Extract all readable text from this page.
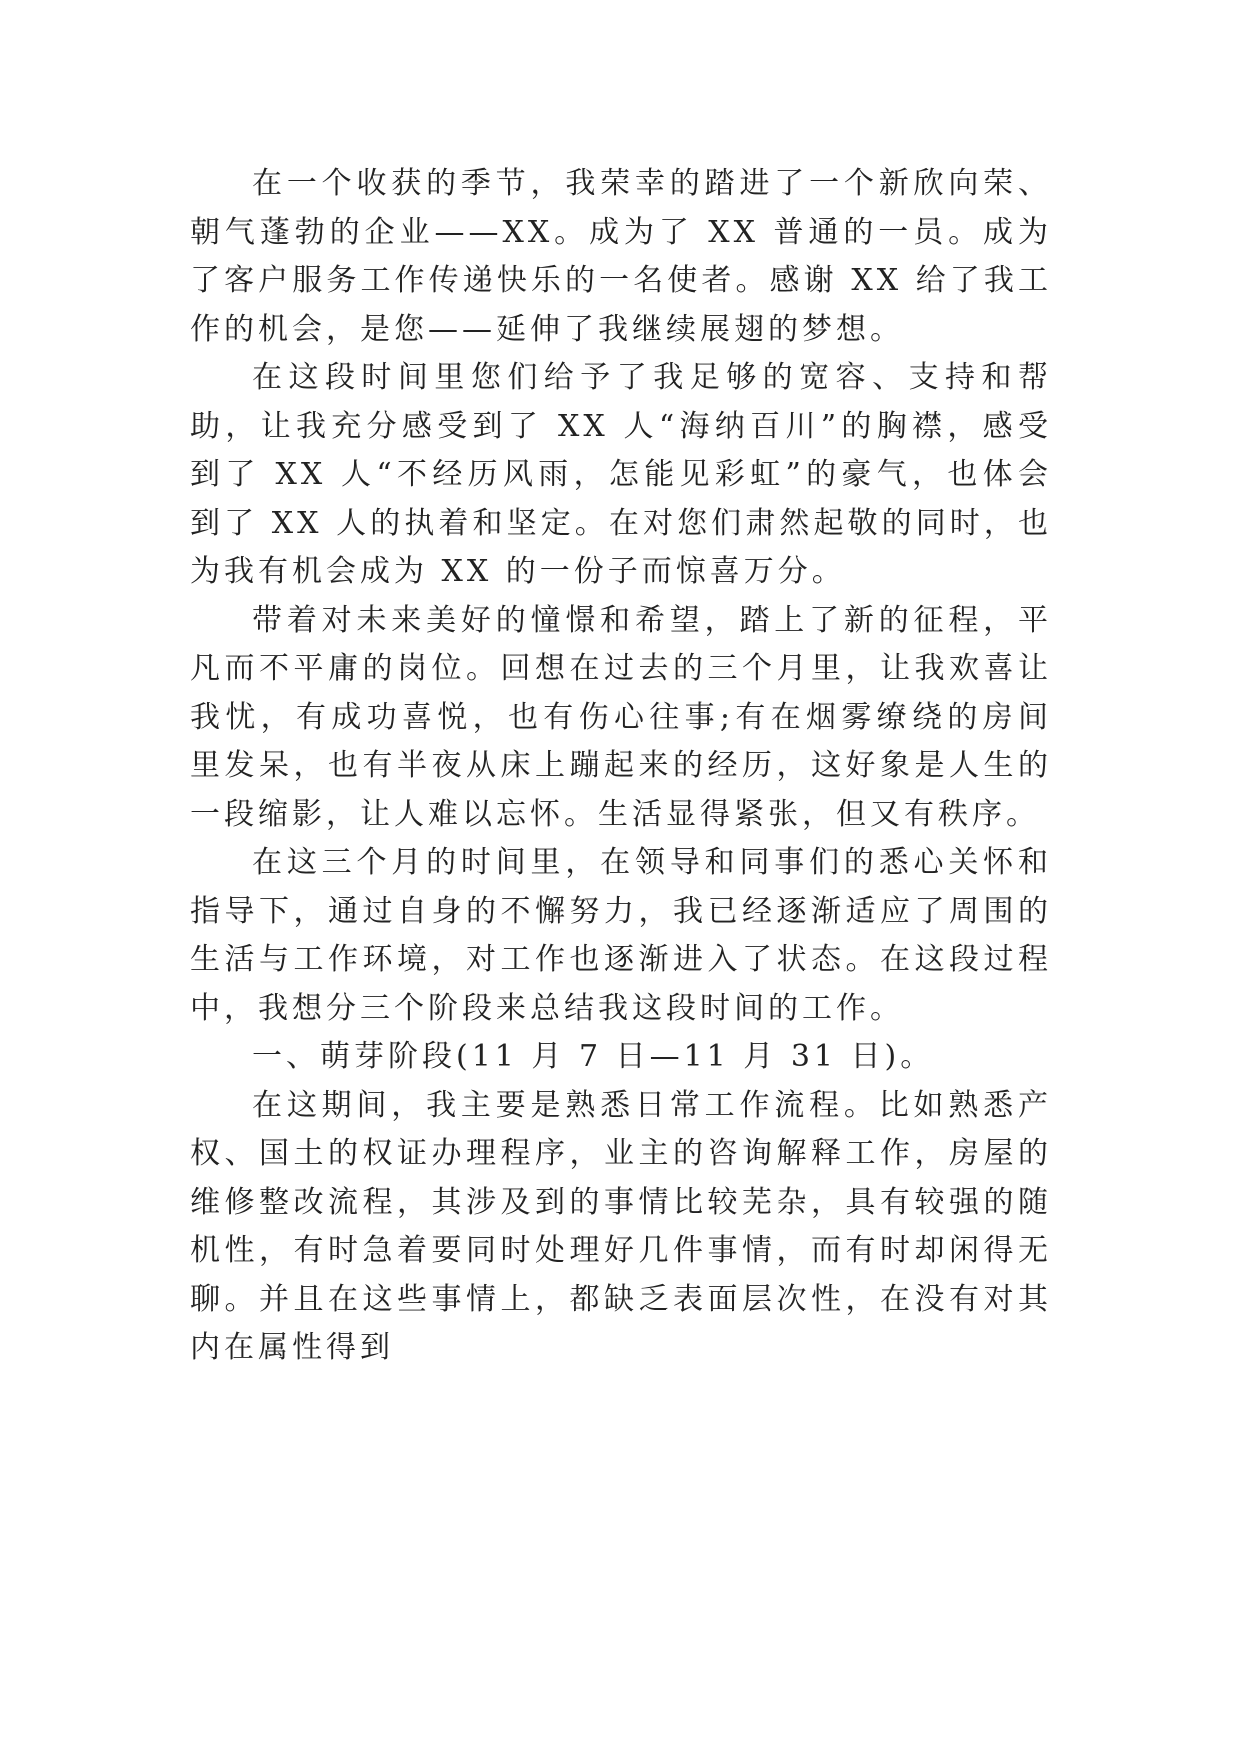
在一个收获的季节，我荣幸的踏进了一个新欣向荣、朝气蓬勃的企业——XX。成为了 XX 普通的一员。成为了客户服务工作传递快乐的一名使者。感谢 XX 给了我工作的机会，是您——延伸了我继续展翅的梦想。

在这段时间里您们给予了我足够的宽容、支持和帮助，让我充分感受到了 XX 人“海纳百川”的胸襟，感受到了 XX 人“不经历风雨，怎能见彩虹”的豪气，也体会到了 XX 人的执着和坚定。在对您们肃然起敬的同时，也为我有机会成为 XX 的一份子而惊喜万分。

带着对未来美好的憧憬和希望，踏上了新的征程，平凡而不平庸的岗位。回想在过去的三个月里，让我欢喜让我忧，有成功喜悦，也有伤心往事;有在烟雾缭绕的房间里发呆，也有半夜从床上蹦起来的经历，这好象是人生的一段缩影，让人难以忘怀。生活显得紧张，但又有秩序。

在这三个月的时间里，在领导和同事们的悉心关怀和指导下，通过自身的不懈努力，我已经逐渐适应了周围的生活与工作环境，对工作也逐渐进入了状态。在这段过程中，我想分三个阶段来总结我这段时间的工作。

一、萌芽阶段(11 月 7 日—11 月 31 日)。

在这期间，我主要是熟悉日常工作流程。比如熟悉产权、国土的权证办理程序，业主的咨询解释工作，房屋的维修整改流程，其涉及到的事情比较芜杂，具有较强的随机性，有时急着要同时处理好几件事情，而有时却闲得无聊。并且在这些事情上，都缺乏表面层次性，在没有对其内在属性得到
